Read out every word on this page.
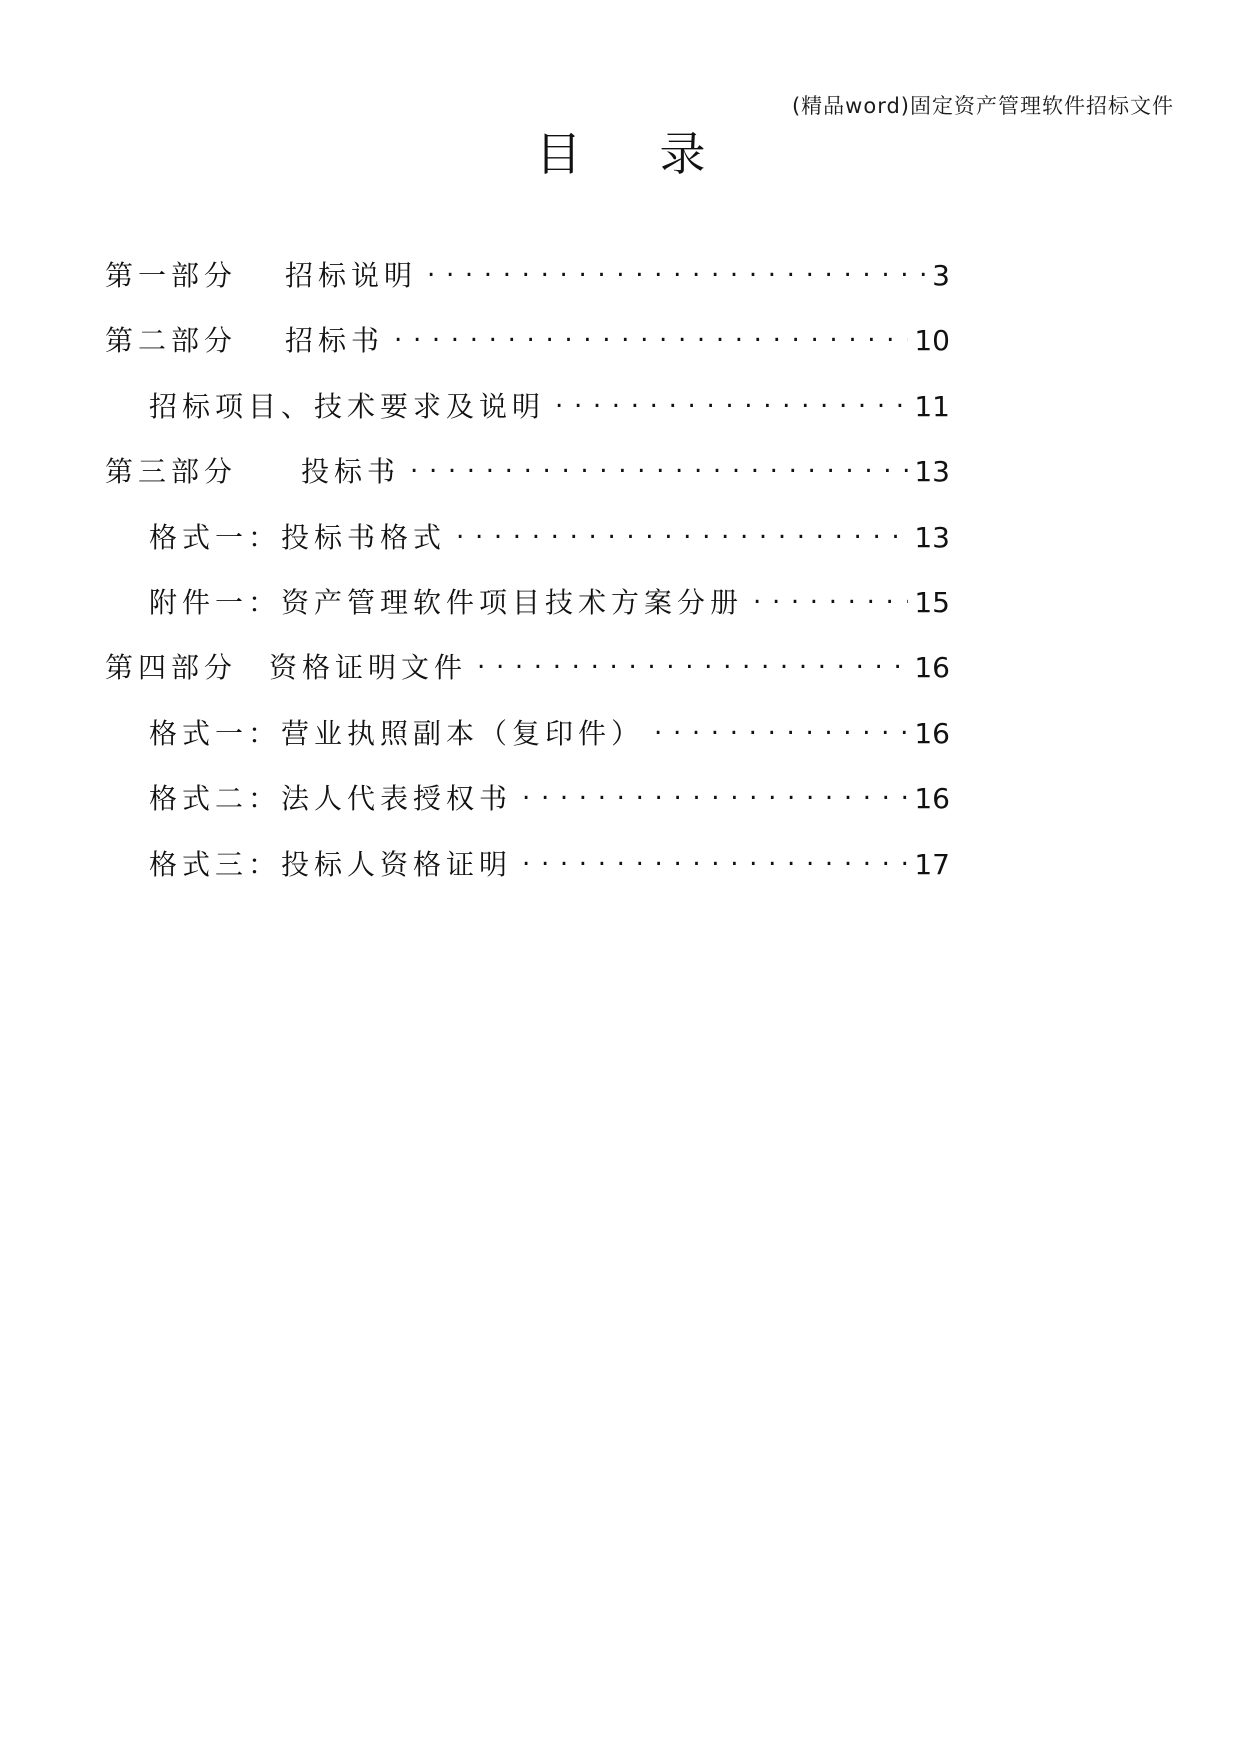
(精品word)固定资产管理软件招标文件
目 录
第一部分	招标说明 . . .	3
第二部分	招标书 . . .	10
招标项目、技术要求及说明 . . .	11
第三部分	投标书 . . .	13
格式一：投标书格式 . . .	13
附件一：资产管理软件项目技术方案分册 . . .	15
第四部分	资格证明文件 . . .	16
格式一：营业执照副本（复印件） . . .	16
格式二：法人代表授权书 . . .	16
格式三：投标人资格证明 . . .	17
